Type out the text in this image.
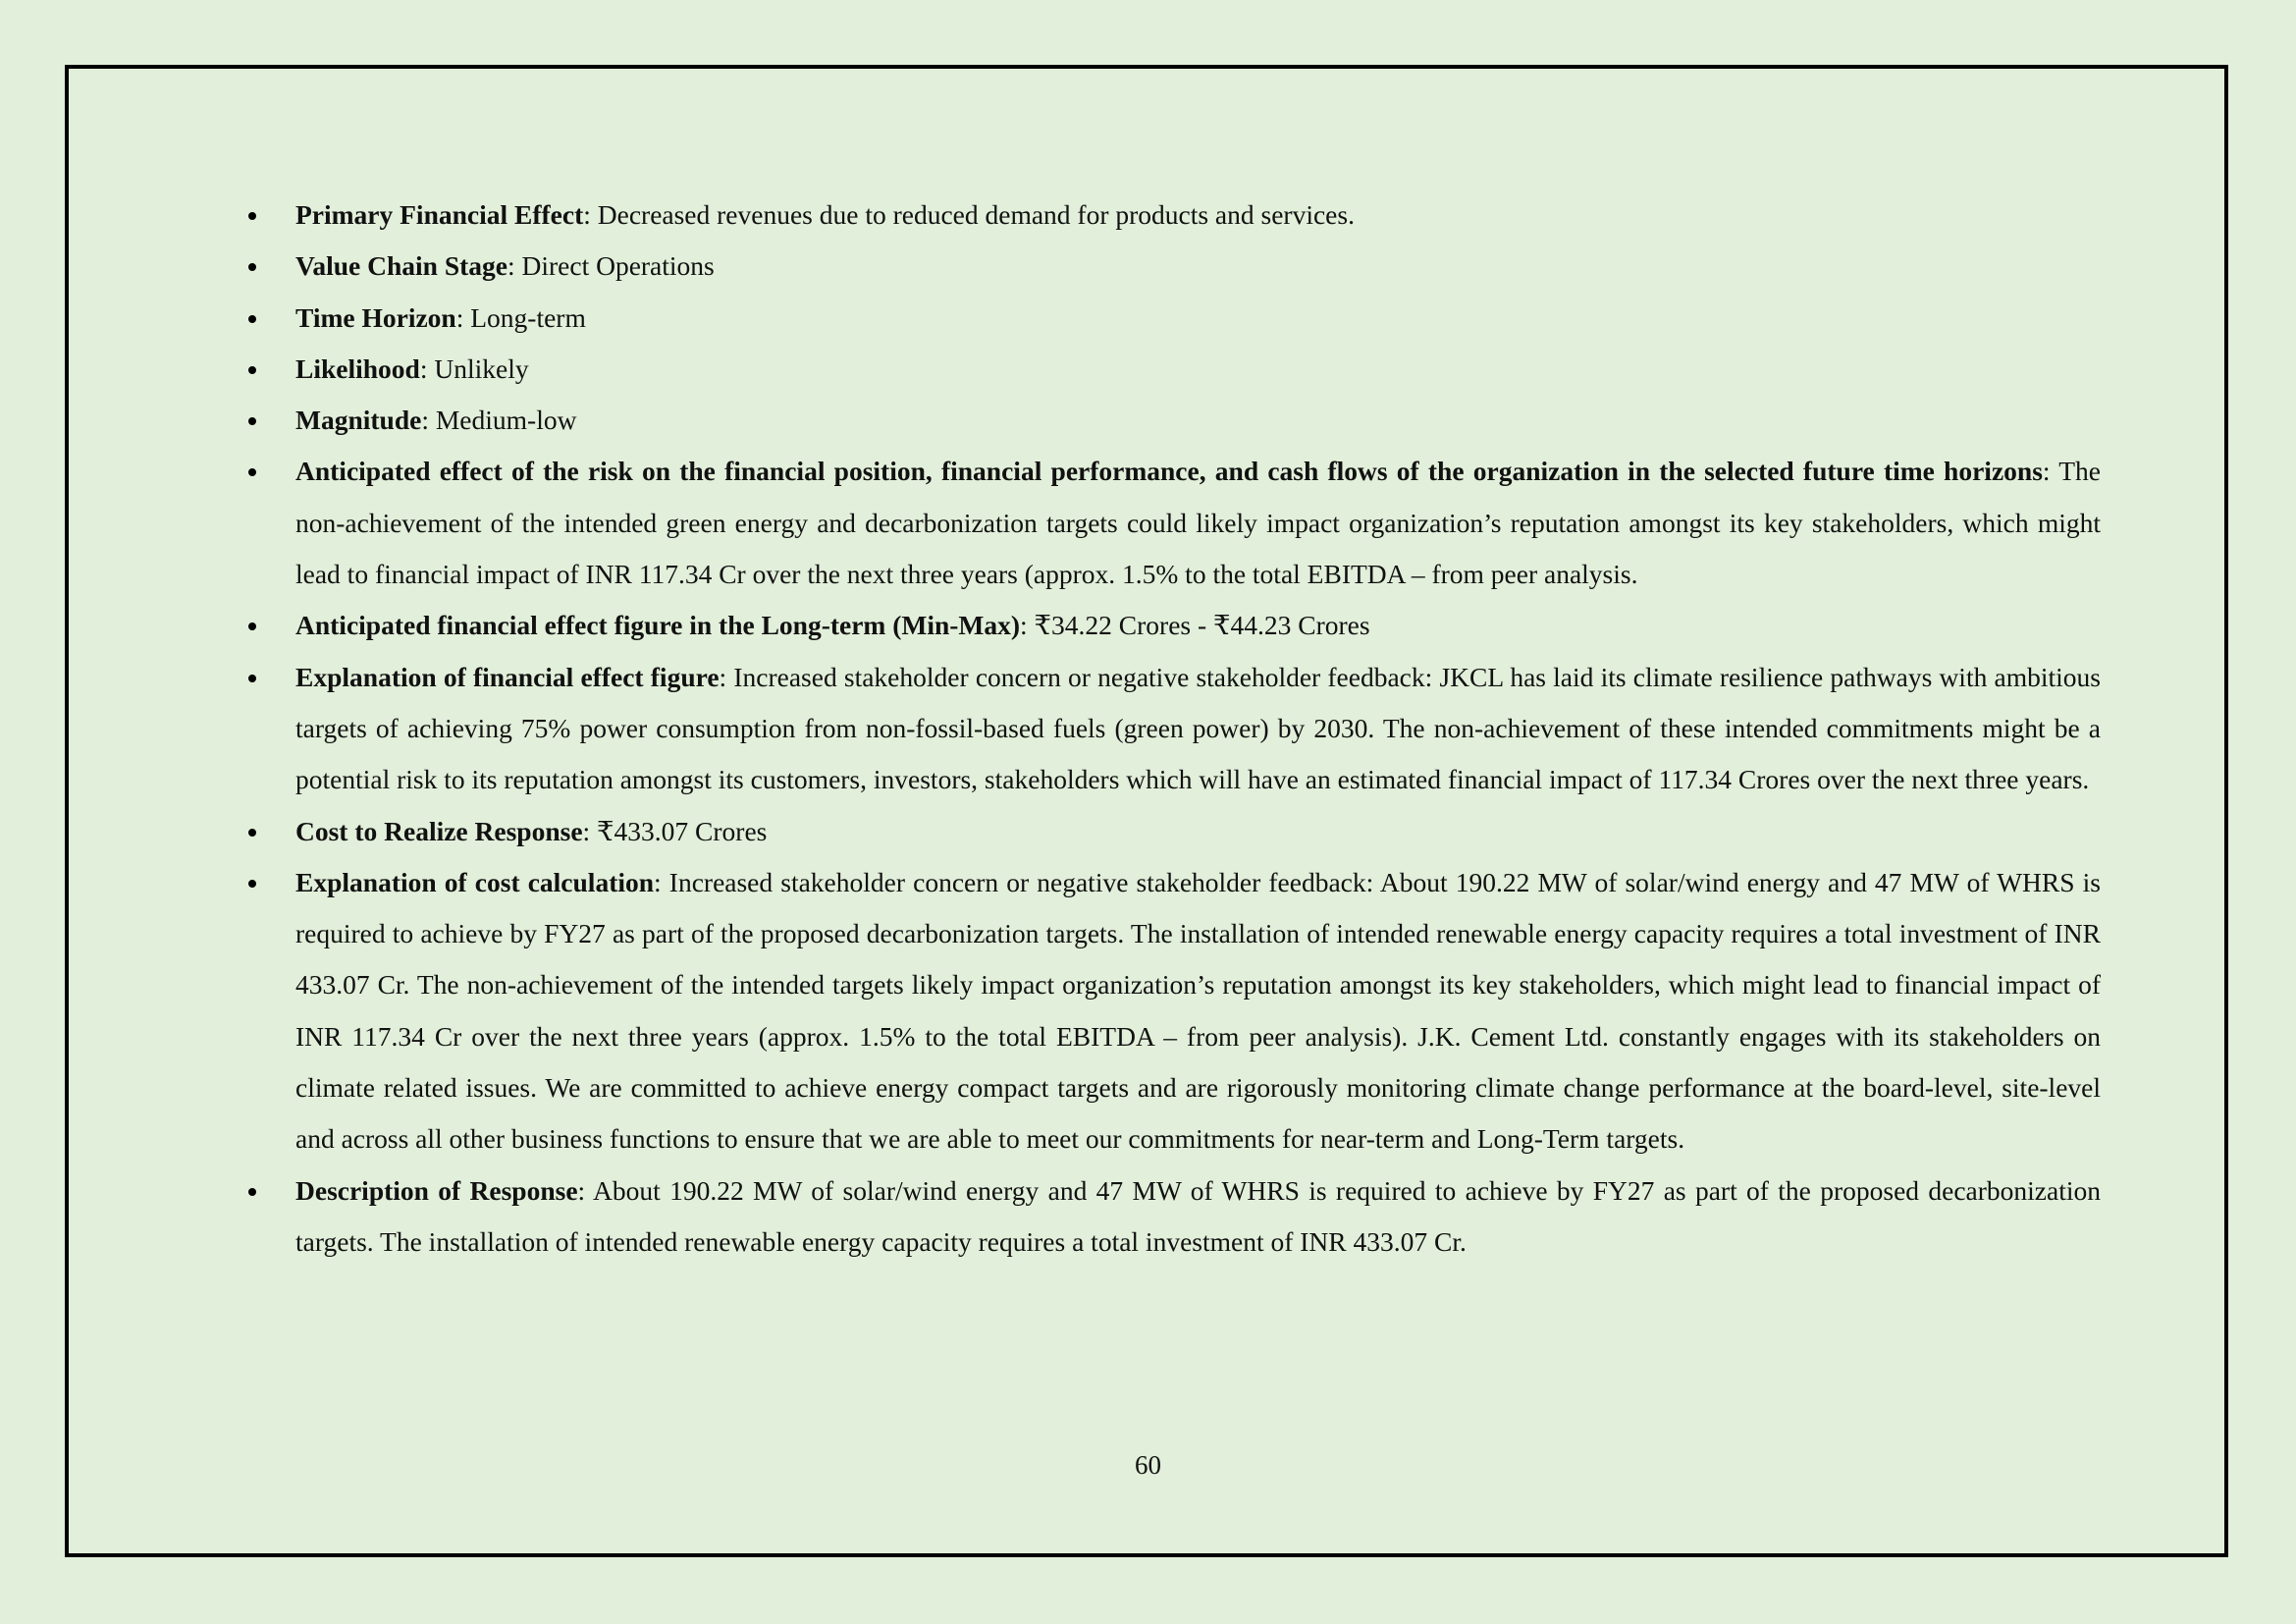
Primary Financial Effect: Decreased revenues due to reduced demand for products and services.
Value Chain Stage: Direct Operations
Time Horizon: Long-term
Likelihood: Unlikely
Magnitude: Medium-low
Anticipated effect of the risk on the financial position, financial performance, and cash flows of the organization in the selected future time horizons: The non-achievement of the intended green energy and decarbonization targets could likely impact organization’s reputation amongst its key stakeholders, which might lead to financial impact of INR 117.34 Cr over the next three years (approx. 1.5% to the total EBITDA – from peer analysis.
Anticipated financial effect figure in the Long-term (Min-Max): ₹34.22 Crores - ₹44.23 Crores
Explanation of financial effect figure: Increased stakeholder concern or negative stakeholder feedback: JKCL has laid its climate resilience pathways with ambitious targets of achieving 75% power consumption from non-fossil-based fuels (green power) by 2030. The non-achievement of these intended commitments might be a potential risk to its reputation amongst its customers, investors, stakeholders which will have an estimated financial impact of 117.34 Crores over the next three years.
Cost to Realize Response: ₹433.07 Crores
Explanation of cost calculation: Increased stakeholder concern or negative stakeholder feedback: About 190.22 MW of solar/wind energy and 47 MW of WHRS is required to achieve by FY27 as part of the proposed decarbonization targets. The installation of intended renewable energy capacity requires a total investment of INR 433.07 Cr. The non-achievement of the intended targets likely impact organization’s reputation amongst its key stakeholders, which might lead to financial impact of INR 117.34 Cr over the next three years (approx. 1.5% to the total EBITDA – from peer analysis). J.K. Cement Ltd. constantly engages with its stakeholders on climate related issues. We are committed to achieve energy compact targets and are rigorously monitoring climate change performance at the board-level, site-level and across all other business functions to ensure that we are able to meet our commitments for near-term and Long-Term targets.
Description of Response: About 190.22 MW of solar/wind energy and 47 MW of WHRS is required to achieve by FY27 as part of the proposed decarbonization targets. The installation of intended renewable energy capacity requires a total investment of INR 433.07 Cr.
60
